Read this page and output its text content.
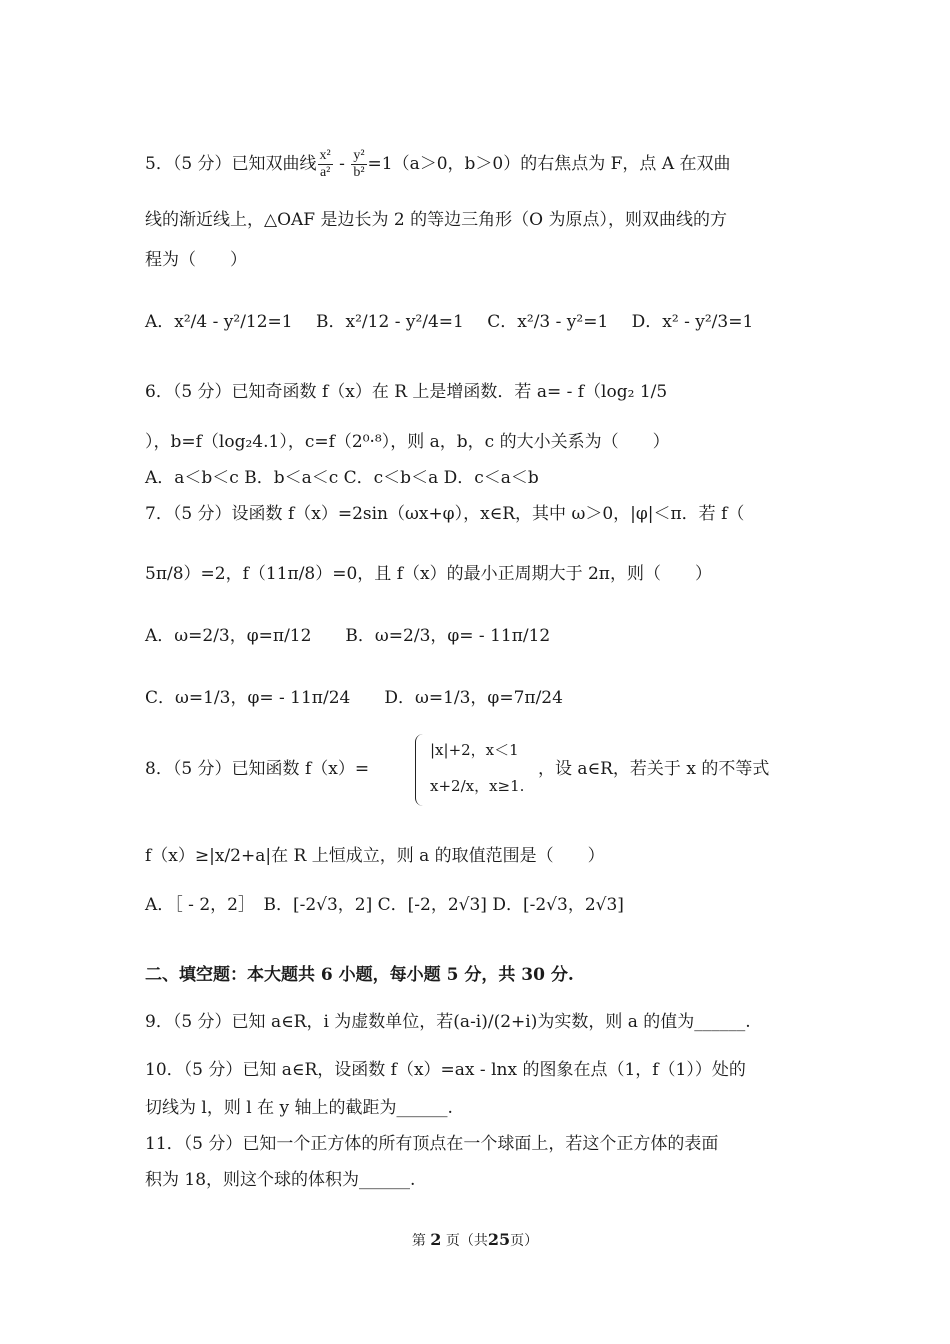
5．（5 分）已知双曲线 $\frac{\text{x²}}{\text{a²}} - \frac{\text{y²}}{\text{b²}} =1(a>0$，b＞0）的右焦点为 F，点 A 在双曲
线的渐近线上，△OAF 是边长为 2 的等边三角形（O 为原点），则双曲线的方
程为（　　）
A．x²/4 - y²/12=1 B．x²/12 - y²/4=1 C．x²/3 - y²=1 D．x² - y²/3=1
6．（5 分）已知奇函数 f（x）在 R 上是增函数．若 a= - f（log₂ 1/5
），b=f（log₂4.1），c=f（2⁰·⁸），则 a，b，c 的大小关系为（　　）
A．a＜b＜c B．b＜a＜c C．c＜b＜a D．c＜a＜b
7．（5 分）设函数 f（x）=2sin（ωx+φ），x∈R，其中 ω＞0，|φ|＜π．若 f（
5π/8）=2，f（11π/8）=0，且 f（x）的最小正周期大于 2π，则（　　）
A．ω=2/3，φ=π/12　　B．ω=2/3，φ= - 11π/12
C．ω=1/3，φ= - 11π/24　　D．ω=1/3，φ=7π/24
8．（5 分）已知函数 f（x）=
|x|+2，x＜1
x+2/x，x≥1.
，设 a∈R，若关于 x 的不等式
f（x）≥|x/2+a|在 R 上恒成立，则 a 的取值范围是（　　）
A．［ - 2，2］　B．[-2√3，2] C．[-2，2√3] D．[-2√3，2√3]
二、填空题：本大题共 6 小题，每小题 5 分，共 30 分.
9．（5 分）已知 a∈R，i 为虚数单位，若(a-i)/(2+i)为实数，则 a 的值为______.
10．（5 分）已知 a∈R，设函数 f（x）=ax - lnx 的图象在点（1，f（1））处的
切线为 l，则 l 在 y 轴上的截距为______.
11．（5 分）已知一个正方体的所有顶点在一个球面上，若这个正方体的表面
积为 18，则这个球的体积为______.
第 2 页（共25页）
